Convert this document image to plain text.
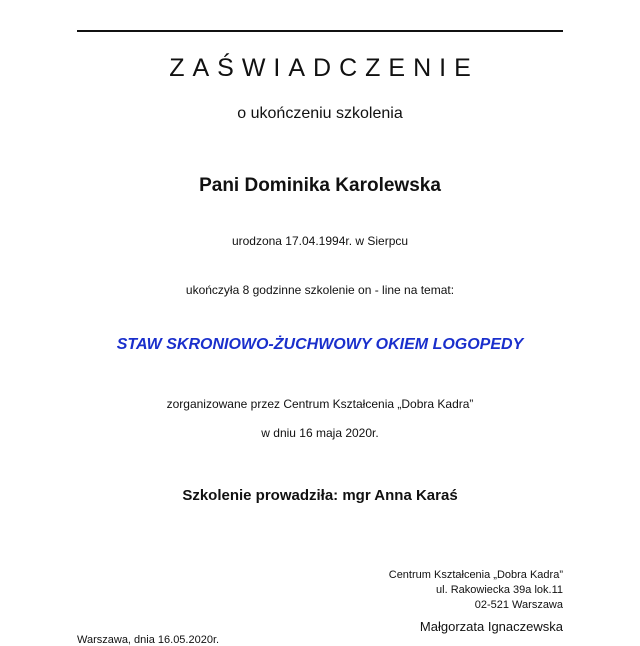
ZAŚWIADCZENIE
o ukończeniu szkolenia
Pani Dominika Karolewska
urodzona 17.04.1994r. w Sierpcu
ukończyła 8 godzinne szkolenie on - line na temat:
STAW SKRONIOWO-ŻUCHWOWY OKIEM LOGOPEDY
zorganizowane przez Centrum Kształcenia „Dobra Kadra”
w dniu 16 maja 2020r.
Szkolenie prowadziła: mgr Anna Karaś
Centrum Kształcenia „Dobra Kadra”
ul. Rakowiecka 39a lok.11
02-521 Warszawa
Małgorzata Ignaczewska
Warszawa, dnia 16.05.2020r.
